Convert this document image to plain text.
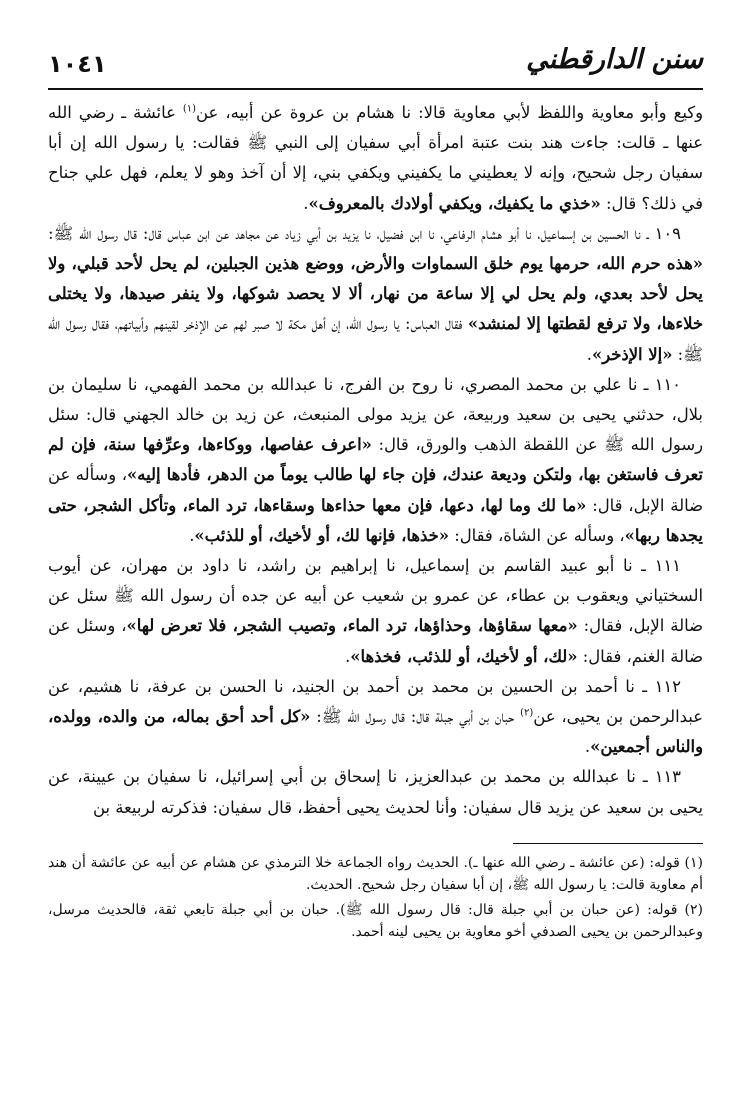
سنن الدارقطني
١٠٤١

وكيع وأبو معاوية واللفظ لأبي معاوية قالا: نا هشام بن عروة عن أبيه، عن$^{(١)}$ عائشة ـ رضي الله عنها ـ قالت: جاءت هند بنت عتبة امرأة أبي سفيان إلى النبي ﷺ فقالت: يا رسول الله إن أبا سفيان رجل شحيح، وإنه لا يعطيني ما يكفيني ويكفي بني، إلا أن آخذ وهو لا يعلم، فهل علي جناح في ذلك؟ قال: «خذي ما يكفيك، ويكفي أولادك بالمعروف».

١٠٩ ـ نا الحسين بن إسماعيل، نا أبو هشام الرفاعي، نا ابن فضيل، نا يزيد بن أبي زياد عن مجاهد عن ابن عباس قال: قال رسول الله ﷺ: «هذه حرم الله، حرمها يوم خلق السماوات والأرض، ووضع هذين الجبلين، لم يحل لأحد قبلي، ولا يحل لأحد بعدي، ولم يحل لي إلا ساعة من نهار، ألا لا يحصد شوكها، ولا ينفر صيدها، ولا يختلى خلاءها، ولا ترفع لقطتها إلا لمنشد» فقال العباس: يا رسول الله، إن أهل مكة لا صبر لهم عن الإذخر لقينهم وأبياتهم، فقال رسول الله ﷺ: «إلا الإذخر».

١١٠ ـ نا علي بن محمد المصري، نا روح بن الفرج، نا عبدالله بن محمد الفهمي، نا سليمان بن بلال، حدثني يحيى بن سعيد وربيعة، عن يزيد مولى المنبعث، عن زيد بن خالد الجهني قال: سئل رسول الله ﷺ عن اللقطة الذهب والورق، قال: «اعرف عفاصها، ووكاءها، وعرِّفها سنة، فإن لم تعرف فاستغن بها، ولتكن وديعة عندك، فإن جاء لها طالب يوماً من الدهر، فأدها إليه»، وسأله عن ضالة الإبل، قال: «ما لك وما لها، دعها، فإن معها حذاءها وسقاءها، ترد الماء، وتأكل الشجر، حتى يجدها ربها»، وسأله عن الشاة، فقال: «خذها، فإنها لك، أو لأخيك، أو للذئب».

١١١ ـ نا أبو عبيد القاسم بن إسماعيل، نا إبراهيم بن راشد، نا داود بن مهران، عن أيوب السختياني ويعقوب بن عطاء، عن عمرو بن شعيب عن أبيه عن جده أن رسول الله ﷺ سئل عن ضالة الإبل، فقال: «معها سقاؤها، وحذاؤها، ترد الماء، وتصيب الشجر، فلا تعرض لها»، وسئل عن ضالة الغنم، فقال: «لك، أو لأخيك، أو للذئب، فخذها».

١١٢ ـ نا أحمد بن الحسين بن محمد بن أحمد بن الجنيد، نا الحسن بن عرفة، نا هشيم، عن عبدالرحمن بن يحيى، عن$^{(٢)}$ حبان بن أبي جبلة قال: قال رسول الله ﷺ: «كل أحد أحق بماله، من والده، وولده، والناس أجمعين».

١١٣ ـ نا عبدالله بن محمد بن عبدالعزيز، نا إسحاق بن أبي إسرائيل، نا سفيان بن عيينة، عن يحيى بن سعيد عن يزيد قال سفيان: وأنا لحديث يحيى أحفظ، قال سفيان: فذكرته لربيعة بن

(١) قوله: (عن عائشة ـ رضي الله عنها ـ). الحديث رواه الجماعة خلا الترمذي عن هشام عن أبيه عن عائشة أن هند أم معاوية قالت: يا رسول الله ﷺ، إن أبا سفيان رجل شحيح. الحديث.

(٢) قوله: (عن حبان بن أبي جبلة قال: قال رسول الله ﷺ). حبان بن أبي جبلة تابعي ثقة، فالحديث مرسل، وعبدالرحمن بن يحيى الصدفي أخو معاوية بن يحيى لينه أحمد.
